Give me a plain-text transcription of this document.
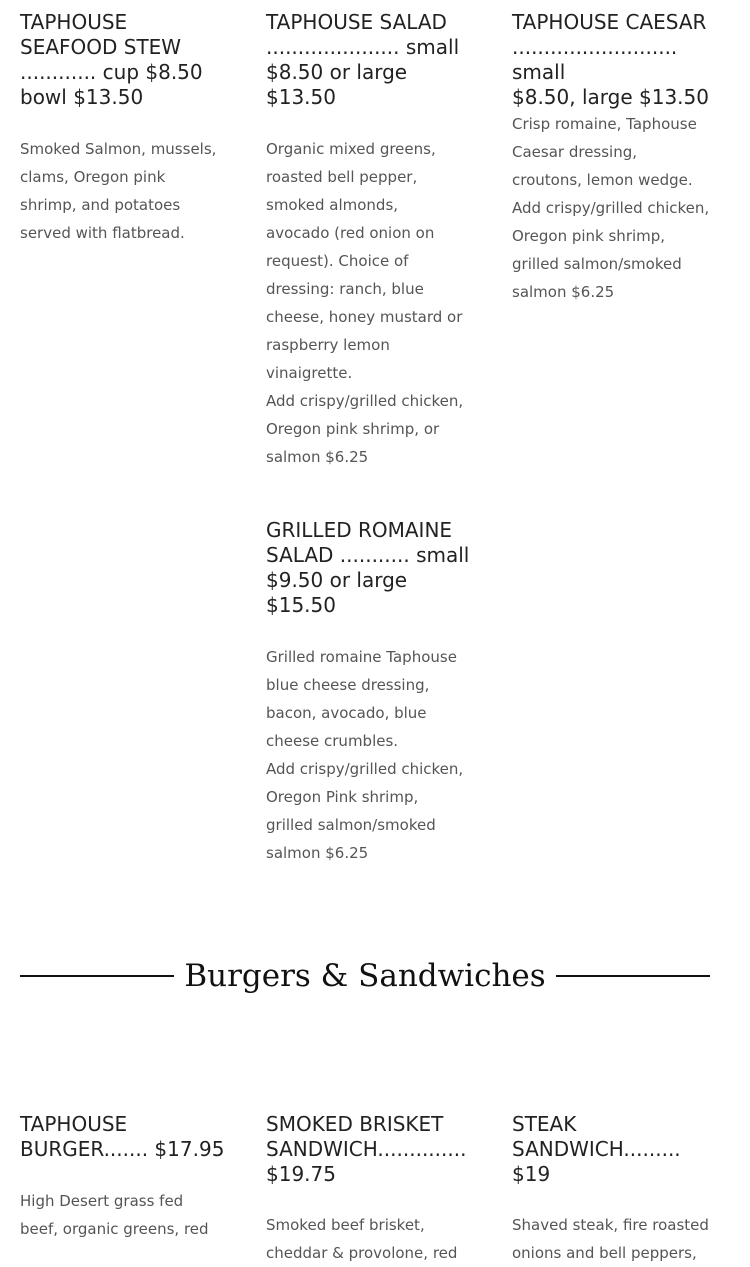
TAPHOUSE
SEAFOOD STEW
............ cup $8.50
bowl $13.50

Smoked Salmon, mussels,
clams, Oregon pink
shrimp, and potatoes
served with flatbread.

TAPHOUSE SALAD
..................... small
$8.50 or large
$13.50

Organic mixed greens,
roasted bell pepper,
smoked almonds,
avocado (red onion on
request). Choice of
dressing: ranch, blue
cheese, honey mustard or
raspberry lemon
vinaigrette.
Add crispy/grilled chicken,
Oregon pink shrimp, or
salmon $6.25

TAPHOUSE CAESAR
.......................... small
$8.50, large $13.50

Crisp romaine, Taphouse
Caesar dressing,
croutons, lemon wedge.
Add crispy/grilled chicken,
Oregon pink shrimp,
grilled salmon/smoked
salmon $6.25

GRILLED ROMAINE
SALAD ........... small
$9.50 or large
$15.50

Grilled romaine Taphouse
blue cheese dressing,
bacon, avocado, blue
cheese crumbles.
Add crispy/grilled chicken,
Oregon Pink shrimp,
grilled salmon/smoked
salmon $6.25

Burgers & Sandwiches
TAPHOUSE
BURGER....... $17.95

High Desert grass fed
beef, organic greens, red

SMOKED BRISKET
SANDWICH..............
$19.75

Smoked beef brisket,
cheddar & provolone, red

STEAK
SANDWICH.........
$19

Shaved steak, fire roasted
onions and bell peppers,
